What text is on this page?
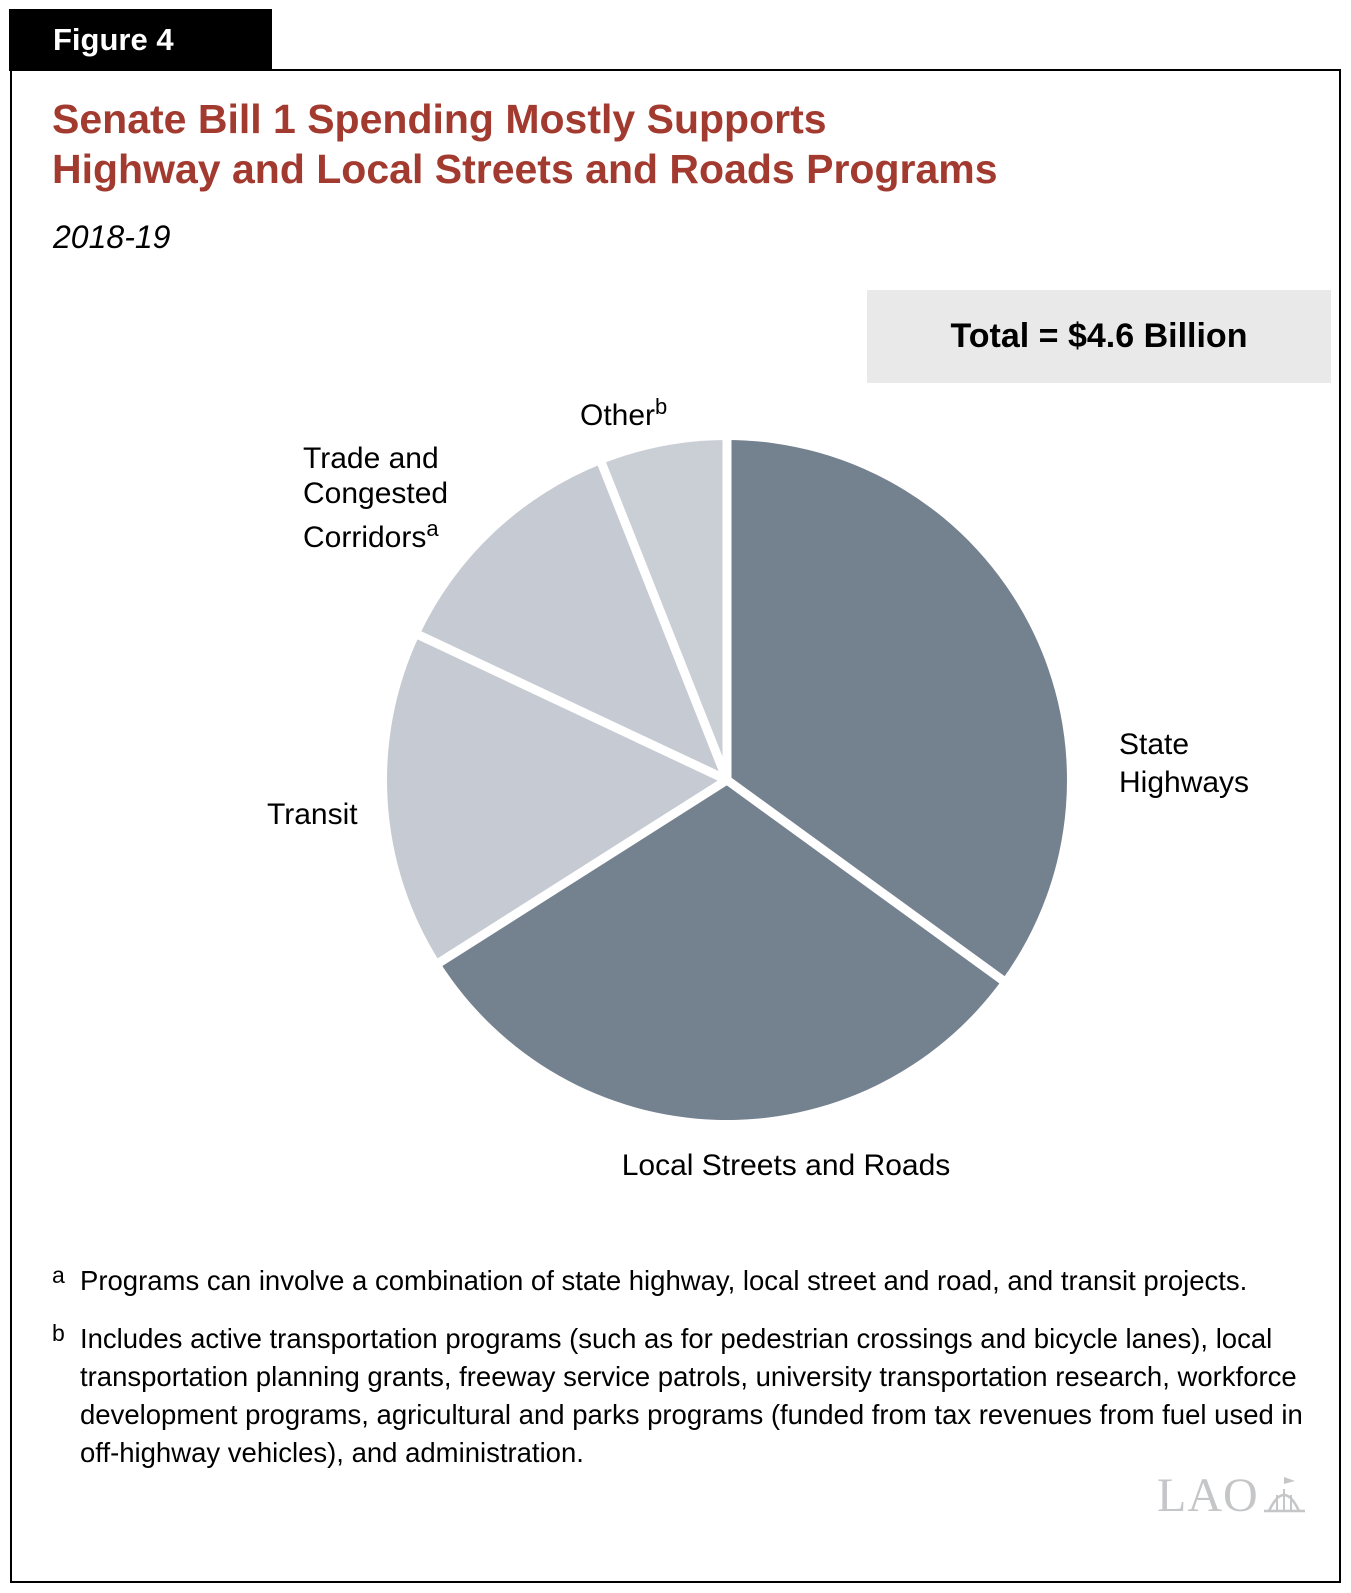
Figure 4
Senate Bill 1 Spending Mostly Supports
Highway and Local Streets and Roads Programs
2018-19
Total = $4.6 Billion
Other$^b$
Trade and
Congested
Corridors$^a$
Transit
State
Highways
Local Streets and Roads

a Programs can involve a combination of state highway, local street and road, and transit projects.

b Includes active transportation programs (such as for pedestrian crossings and bicycle lanes), local transportation planning grants, freeway service patrols, university transportation research, workforce development programs, agricultural and parks programs (funded from tax revenues from fuel used in off-highway vehicles), and administration.

LAO
